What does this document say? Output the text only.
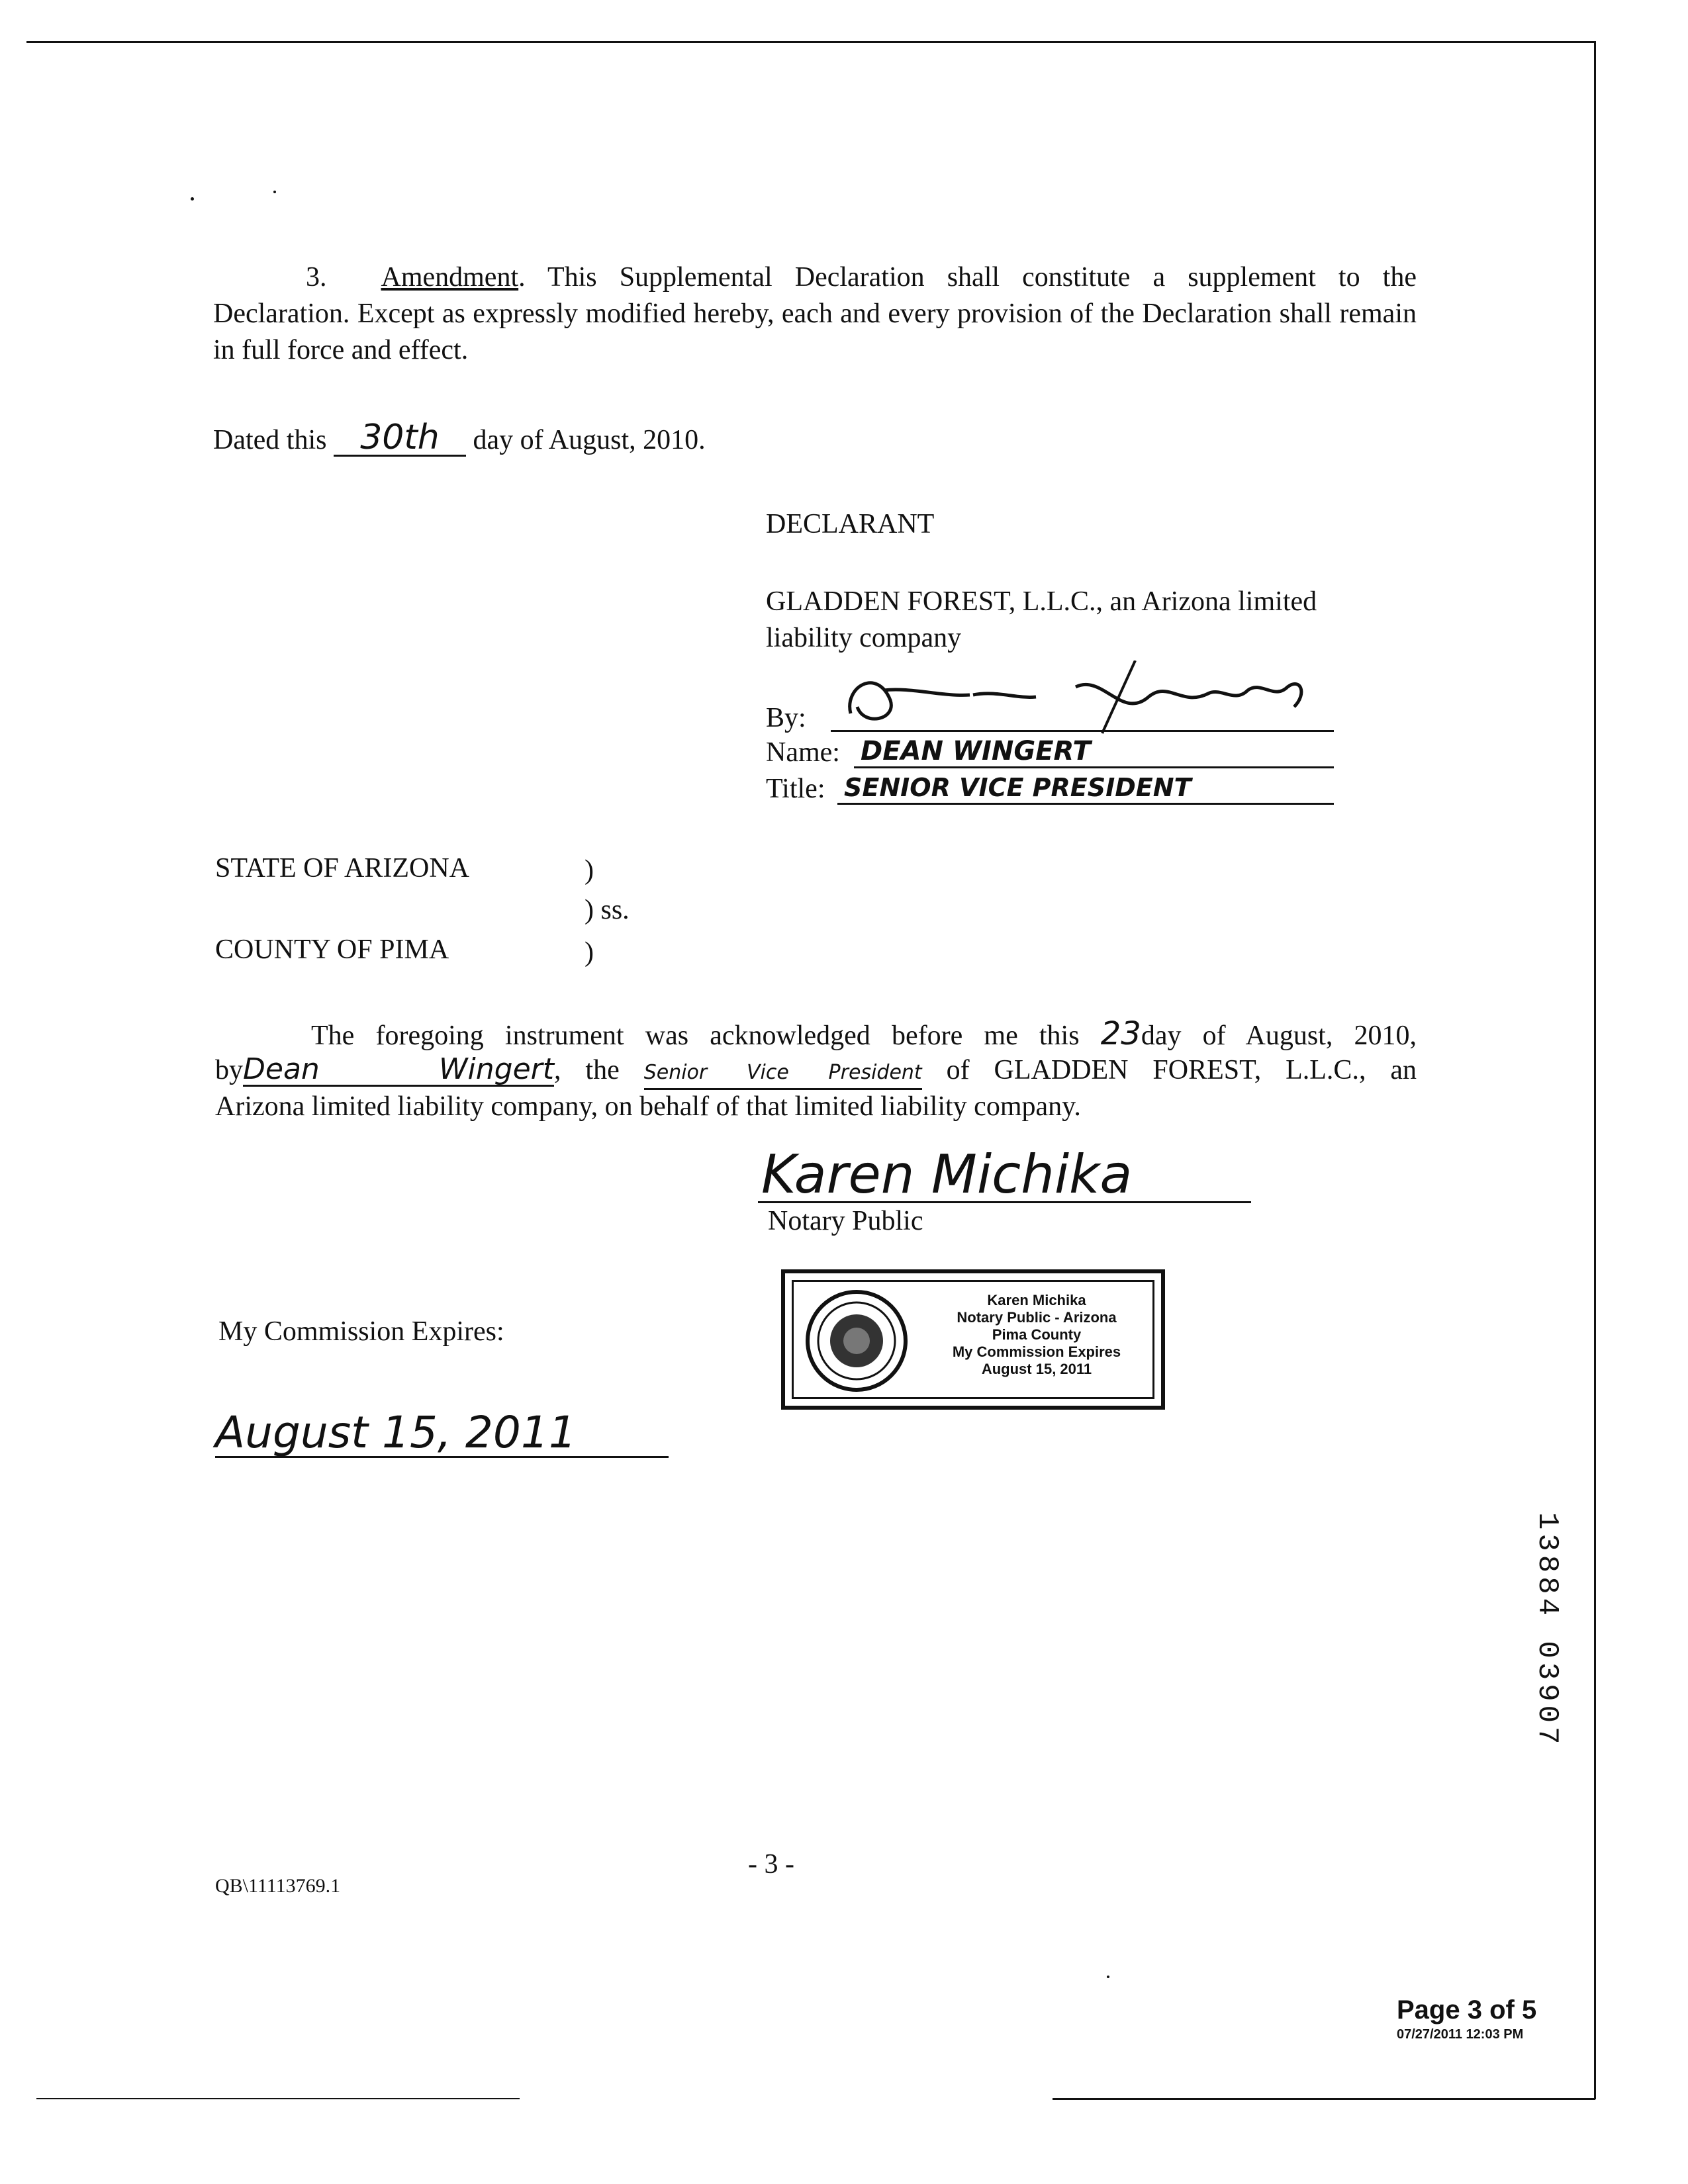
3. Amendment. This Supplemental Declaration shall constitute a supplement to the Declaration. Except as expressly modified hereby, each and every provision of the Declaration shall remain in full force and effect.
Dated this 30th day of August, 2010.
DECLARANT
GLADDEN FOREST, L.L.C., an Arizona limited liability company
By:
Name: DEAN WINGERT
Title: SENIOR VICE PRESIDENT
STATE OF ARIZONA	)
) ss.
COUNTY OF PIMA	)
The foregoing instrument was acknowledged before me this 23day of August, 2010,
byDean Wingert, the Senior Vice President of GLADDEN FOREST, L.L.C., an
Arizona limited liability company, on behalf of that limited liability company.
Karen Michika
Notary Public
My Commission Expires:
August 15, 2011
Karen Michika
Notary Public - Arizona
Pima County
My Commission Expires
August 15, 2011
13884 03907
- 3 -
QB\11113769.1
Page 3 of 5
07/27/2011 12:03 PM
